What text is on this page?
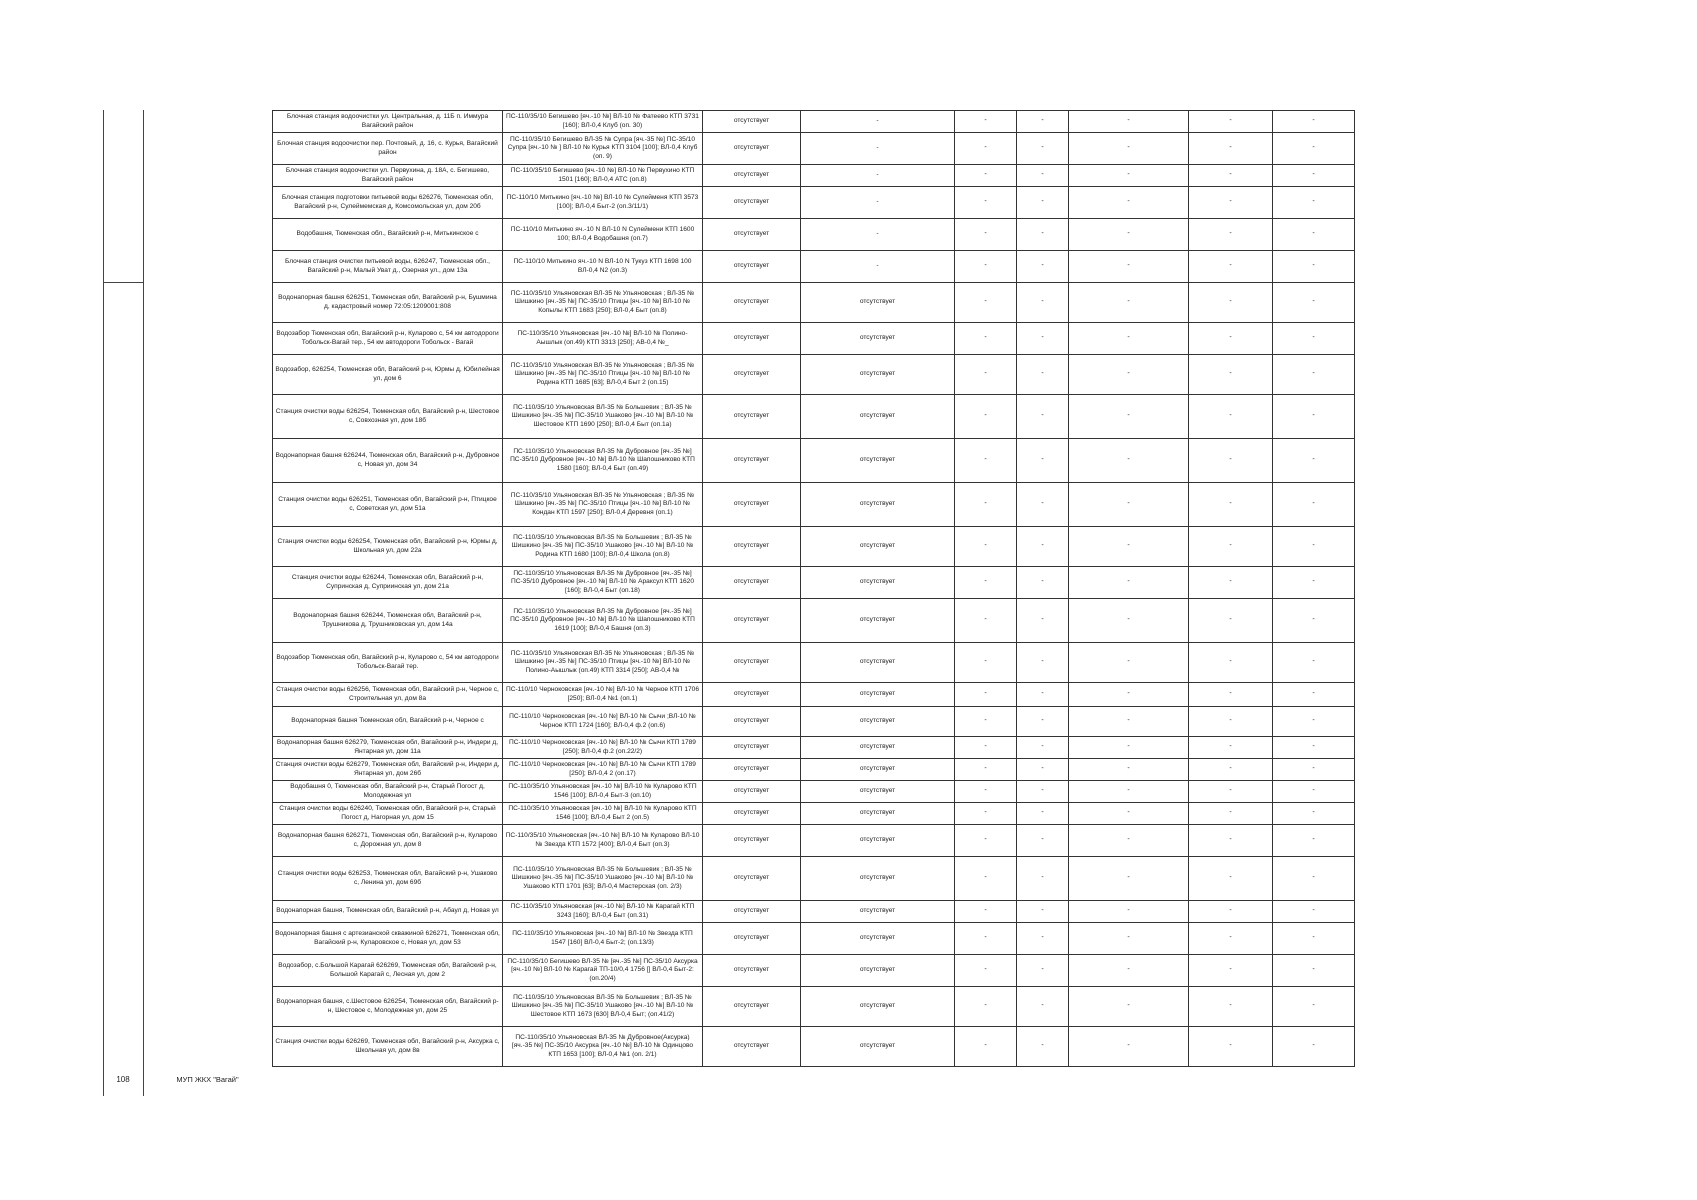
108	МУП ЖКХ "Вагай"
Блочная станция водоочистки ул. Центральная, д. 11Б п. Иммура Вагайский район	ПС-110/35/10 Бегишево [яч.-10 №] ВЛ-10 № Фатеево КТП 3731 [160]; ВЛ-0,4 Клуб (оп. 30)	отсутствует	-	-	-	-	-	-
Блочная станция водоочистки пер. Почтовый, д. 16, с. Курья, Вагайский район	ПС-110/35/10 Бегишево ВЛ-35 № Супра [яч.-35 №] ПС-35/10 Супра [яч.-10 № ] ВЛ-10 № Курья КТП 3104 [100]; ВЛ-0,4 Клуб (оп. 9)	отсутствует	-	-	-	-	-	-
Блочная станция водоочистки ул. Первухина, д. 18А, с. Бегишево, Вагайский район	ПС-110/35/10 Бегишево [яч.-10 №] ВЛ-10 № Первухино КТП 1501 [160]; ВЛ-0,4 АТС (оп.8)	отсутствует	-	-	-	-	-	-
Блочная станция подготовки питьевой воды 626276, Тюменская обл, Вагайский р-н, Сулеймемская д, Комсомольская ул, дом 20б	ПС-110/10 Митькино [яч.-10 №] ВЛ-10 № Сулейменя КТП 3573 [100]; ВЛ-0,4 Быт-2 (оп.3/11/1)	отсутствует	-	-	-	-	-	-
Водобашня, Тюменская обл., Вагайский р-н, Митькинское с	ПС-110/10 Митькино яч.-10 N ВЛ-10 N Сулеймени КТП 1600 100; ВЛ-0,4 Водобашня (оп.7)	отсутствует	-	-	-	-	-	-
Блочная станция очистки питьевой воды, 626247, Тюменская обл., Вагайский р-н, Малый Уват д., Озерная ул., дом 13а	ПС-110/10 Митькино яч.-10 N ВЛ-10 N Тукуз КТП 1698 100 ВЛ-0,4 N2 (оп.3)	отсутствует	-	-	-	-	-	-
Водонапорная башня 626251, Тюменская обл, Вагайский р-н, Бушмина д, кадастровый номер 72:05:1209001:808	ПС-110/35/10 Ульяновская ВЛ-35 № Ульяновская ; ВЛ-35 № Шишкино [яч.-35 №] ПС-35/10 Птицы [яч.-10 №] ВЛ-10 № Копылы КТП 1683 [250]; ВЛ-0,4 Быт (оп.8)	отсутствует	отсутствует	-	-	-	-	-
Водозабор Тюменская обл, Вагайский р-н, Куларово с, 54 км автодороги Тобольск-Вагай тер., 54 км автодороги Тобольск - Вагай	ПС-110/35/10 Ульяновская [яч.-10 №] ВЛ-10 № Полино-Аышлык (оп.49) КТП 3313 [250]; АВ-0,4 №_	отсутствует	отсутствует	-	-	-	-	-
Водозабор, 626254, Тюменская обл, Вагайский р-н, Юрмы д, Юбилейная ул, дом 6	ПС-110/35/10 Ульяновская ВЛ-35 № Ульяновская ; ВЛ-35 № Шишкино [яч.-35 №] ПС-35/10 Птицы [яч.-10 №] ВЛ-10 № Родина КТП 1685 [63]; ВЛ-0,4 Быт 2 (оп.15)	отсутствует	отсутствует	-	-	-	-	-
Станция очистки воды 626254, Тюменская обл, Вагайский р-н, Шестовое с, Совхозная ул, дом 18б	ПС-110/35/10 Ульяновская ВЛ-35 № Большевик ; ВЛ-35 № Шишкино [яч.-35 №] ПС-35/10 Ушаково [яч.-10 №] ВЛ-10 № Шестовое КТП 1690 [250]; ВЛ-0,4 Быт (оп.1а)	отсутствует	отсутствует	-	-	-	-	-
Водонапорная башня 626244, Тюменская обл, Вагайский р-н, Дубровное с, Новая ул, дом 34	ПС-110/35/10 Ульяновская ВЛ-35 № Дубровное [яч.-35 №] ПС-35/10 Дубровное [яч.-10 №] ВЛ-10 № Шапошниково КТП 1580 [160]; ВЛ-0,4 Быт (оп.49)	отсутствует	отсутствует	-	-	-	-	-
Станция очистки воды 626251, Тюменская обл, Вагайский р-н, Птицкое с, Советская ул, дом 51а	ПС-110/35/10 Ульяновская ВЛ-35 № Ульяновская ; ВЛ-35 № Шишкино [яч.-35 №] ПС-35/10 Птицы [яч.-10 №] ВЛ-10 № Кондан КТП 1597 [250]; ВЛ-0,4 Деревня (оп.1)	отсутствует	отсутствует	-	-	-	-	-
Станция очистки воды 626254, Тюменская обл, Вагайский р-н, Юрмы д, Школьная ул, дом 22а	ПС-110/35/10 Ульяновская ВЛ-35 № Большевик ; ВЛ-35 № Шишкино [яч.-35 №] ПС-35/10 Ушаково [яч.-10 №] ВЛ-10 № Родина КТП 1680 [100]; ВЛ-0,4 Школа (оп.8)	отсутствует	отсутствует	-	-	-	-	-
Станция очистки воды 626244, Тюменская обл, Вагайский р-н, Супринская д, Суприинская ул, дом 21а	ПС-110/35/10 Ульяновская ВЛ-35 № Дубровное [яч.-35 №] ПС-35/10 Дубровное [яч.-10 №] ВЛ-10 № Араксул КТП 1620 [160]; ВЛ-0,4 Быт (оп.18)	отсутствует	отсутствует	-	-	-	-	-
Водонапорная башня 626244, Тюменская обл, Вагайский р-н, Трушникова д, Трушниковская ул, дом 14а	ПС-110/35/10 Ульяновская ВЛ-35 № Дубровное [яч.-35 №] ПС-35/10 Дубровное [яч.-10 №] ВЛ-10 № Шапошниково КТП 1619 [100]; ВЛ-0,4 Башня (оп.3)	отсутствует	отсутствует	-	-	-	-	-
Водозабор Тюменская обл, Вагайский р-н, Куларово с, 54 км автодороги Тобольск-Вагай тер.	ПС-110/35/10 Ульяновская ВЛ-35 № Ульяновская ; ВЛ-35 № Шишкино [яч.-35 №] ПС-35/10 Птицы [яч.-10 №] ВЛ-10 № Полино-Аышлык (оп.49) КТП 3314 [250]; АВ-0,4 №	отсутствует	отсутствует	-	-	-	-	-
Станция очистки воды 626256, Тюменская обл, Вагайский р-н, Черное с, Строительная ул, дом 8а	ПС-110/10 Черноковская [яч.-10 №] ВЛ-10 № Черное КТП 1706 [250]; ВЛ-0,4 №1 (оп.1)	отсутствует	отсутствует	-	-	-	-	-
Водонапорная башня Тюменская обл, Вагайский р-н, Черное с	ПС-110/10 Черноковская [яч.-10 №] ВЛ-10 № Сычи ;ВЛ-10 № Черное КТП 1724 [160]; ВЛ-0,4 ф.2 (оп.6)	отсутствует	отсутствует	-	-	-	-	-
Водонапорная башня 626279, Тюменская обл, Вагайский р-н, Индери д, Янтарная ул, дом 11а	ПС-110/10 Черноковская [яч.-10 №] ВЛ-10 № Сычи КТП 1789 [250]; ВЛ-0,4 ф.2 (оп.22/2)	отсутствует	отсутствует	-	-	-	-	-
Станция очистки воды 626279, Тюменская обл, Вагайский р-н, Индери д, Янтарная ул, дом 26б	ПС-110/10 Черноковская [яч.-10 №] ВЛ-10 № Сычи КТП 1789 [250]; ВЛ-0,4 2 (оп.17)	отсутствует	отсутствует	-	-	-	-	-
Водобашня 0, Тюменская обл, Вагайский р-н, Старый Погост д, Молодежная ул	ПС-110/35/10 Ульяновская [яч.-10 №] ВЛ-10 № Куларово КТП 1546 [100]; ВЛ-0,4 Быт-3 (оп.10)	отсутствует	отсутствует	-	-	-	-	-
Станция очистки воды 626240, Тюменская обл, Вагайский р-н, Старый Погост д, Нагорная ул, дом 15	ПС-110/35/10 Ульяновская [яч.-10 №] ВЛ-10 № Куларово КТП 1546 [100]; ВЛ-0,4 Быт 2 (оп.5)	отсутствует	отсутствует	-	-	-	-	-
Водонапорная башня 626271, Тюменская обл, Вагайский р-н, Куларово с, Дорожная ул, дом 8	ПС-110/35/10 Ульяновская [яч.-10 №] ВЛ-10 № Куларово ВЛ-10 № Звезда КТП 1572 [400]; ВЛ-0,4 Быт (оп.3)	отсутствует	отсутствует	-	-	-	-	-
Станция очистки воды 626253, Тюменская обл, Вагайский р-н, Ушаково с, Ленина ул, дом 69б	ПС-110/35/10 Ульяновская ВЛ-35 № Большевик ; ВЛ-35 № Шишкино [яч.-35 №] ПС-35/10 Ушаково [яч.-10 №] ВЛ-10 № Ушаково КТП 1701 [63]; ВЛ-0,4 Мастерская (оп. 2/3)	отсутствует	отсутствует	-	-	-	-	-
Водонапорная башня, Тюменская обл, Вагайский р-н, Абаул д, Новая ул	ПС-110/35/10 Ульяновская [яч.-10 №] ВЛ-10 № Карагай КТП 3243 [160]; ВЛ-0,4 Быт (оп.31)	отсутствует	отсутствует	-	-	-	-	-
Водонапорная башня с артезианской скважиной 626271, Тюменская обл, Вагайский р-н, Куларовское с, Новая ул, дом 53	ПС-110/35/10 Ульяновская [яч.-10 №] ВЛ-10 № Звезда КТП 1547 [160] ВЛ-0,4 Быт-2; (оп.13/3)	отсутствует	отсутствует	-	-	-	-	-
Водозабор, с.Большой Карагай 626269, Тюменская обл, Вагайский р-н, Большой Карагай с, Лесная ул, дом 2	ПС-110/35/10 Бегишево ВЛ-35 № [яч.-35 №] ПС-35/10 Аксурка [яч.-10 №] ВЛ-10 № Карагай ТП-10/0,4 1756 [] ВЛ-0,4 Быт-2: (оп.20/4)	отсутствует	отсутствует	-	-	-	-	-
Водонапорная башня, с.Шестовое 626254, Тюменская обл, Вагайский р-н, Шестовое с, Молодежная ул, дом 25	ПС-110/35/10 Ульяновская ВЛ-35 № Большевик ; ВЛ-35 № Шишкино [яч.-35 №] ПС-35/10 Ушаково [яч.-10 №] ВЛ-10 № Шестовое КТП 1673 [630] ВЛ-0,4 Быт; (оп.41/2)	отсутствует	отсутствует	-	-	-	-	-
Станция очистки воды 626269, Тюменская обл, Вагайский р-н, Аксурка с, Школьная ул, дом 8в	ПС-110/35/10 Ульяновская ВЛ-35 № Дубровное(Аксурка) [яч.-35 №] ПС-35/10 Аксурка [яч.-10 №] ВЛ-10 № Одинцово КТП 1653 [100]; ВЛ-0,4 №1 (оп. 2/1)	отсутствует	отсутствует	-	-	-	-	-
